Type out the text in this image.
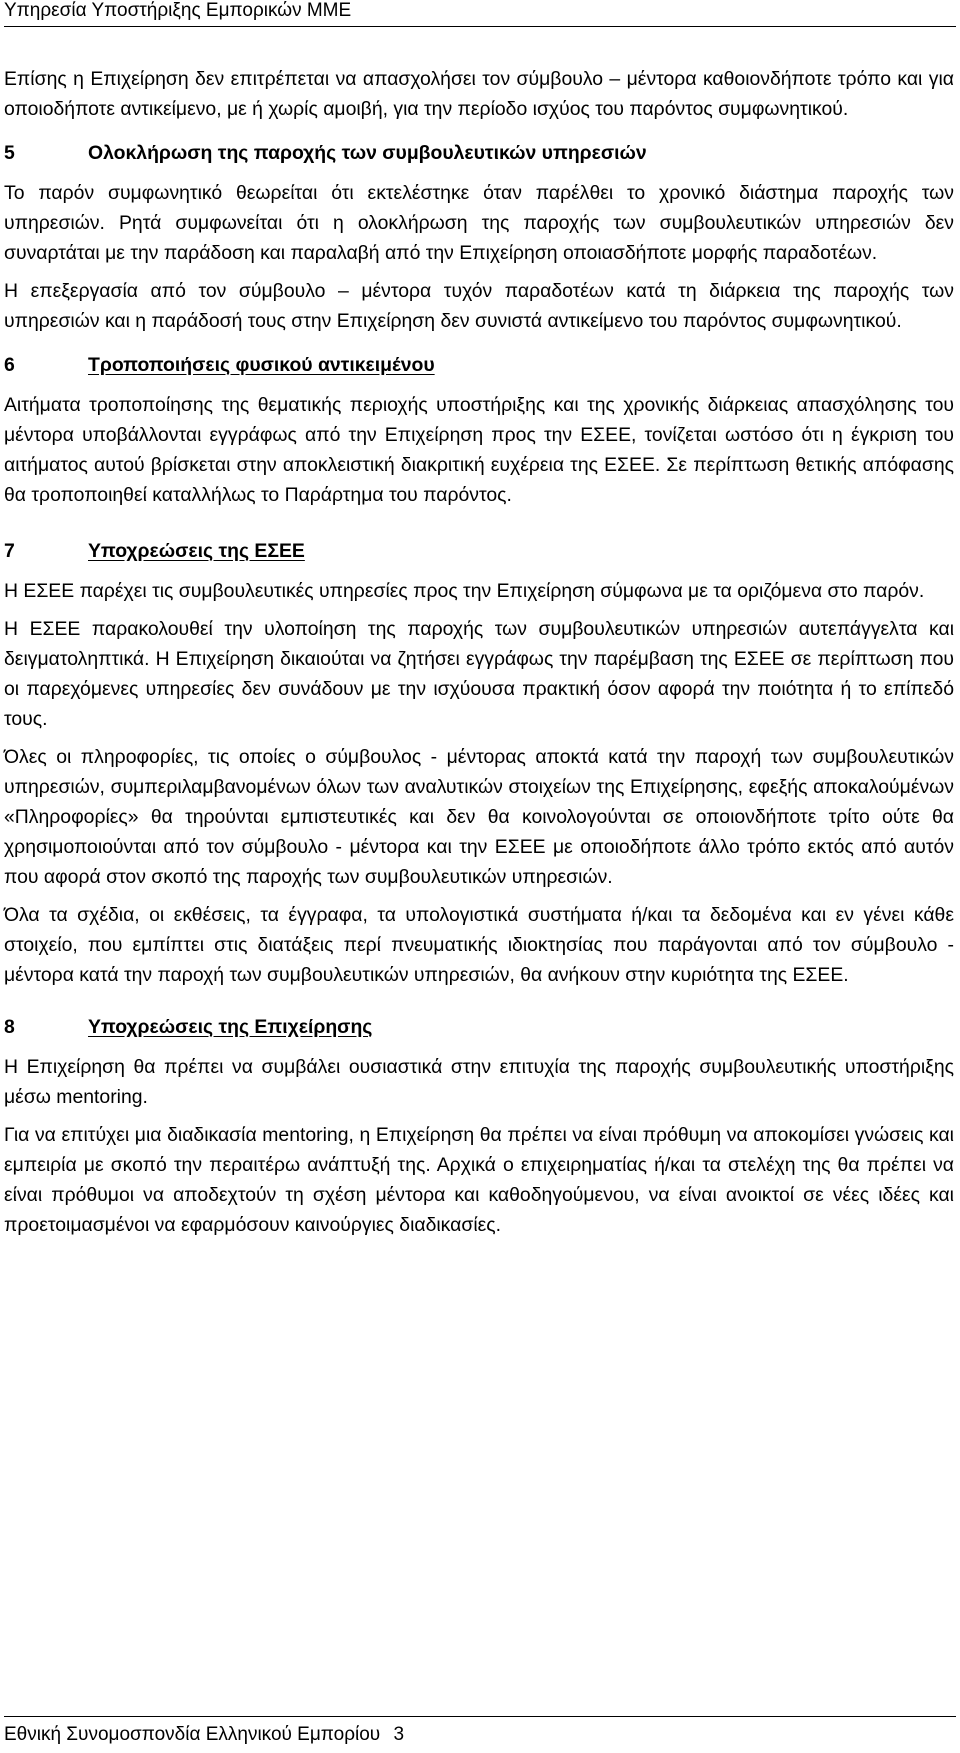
Υπηρεσία Υποστήριξης Εμπορικών ΜΜΕ

Επίσης η Επιχείρηση δεν επιτρέπεται να απασχολήσει τον σύμβουλο – μέντορα καθοιονδήποτε τρόπο και για οποιοδήποτε αντικείμενο, με ή χωρίς αμοιβή, για την περίοδο ισχύος του παρόντος συμφωνητικού.

5	Ολοκλήρωση της παροχής των συμβουλευτικών υπηρεσιών

Το παρόν συμφωνητικό θεωρείται ότι εκτελέστηκε όταν παρέλθει το χρονικό διάστημα παροχής των υπηρεσιών. Ρητά συμφωνείται ότι η ολοκλήρωση της παροχής των συμβουλευτικών υπηρεσιών δεν συναρτάται με την παράδοση και παραλαβή από την Επιχείρηση οποιασδήποτε μορφής παραδοτέων.

Η επεξεργασία από τον σύμβουλο – μέντορα τυχόν παραδοτέων κατά τη διάρκεια της παροχής των υπηρεσιών και η παράδοσή τους στην Επιχείρηση δεν συνιστά αντικείμενο του παρόντος συμφωνητικού.

6	Τροποποιήσεις φυσικού αντικειμένου

Αιτήματα τροποποίησης της θεματικής περιοχής υποστήριξης και της χρονικής διάρκειας απασχόλησης του μέντορα υποβάλλονται εγγράφως από την Επιχείρηση προς την ΕΣΕΕ, τονίζεται ωστόσο ότι η έγκριση του αιτήματος αυτού βρίσκεται στην αποκλειστική διακριτική ευχέρεια της ΕΣΕΕ. Σε περίπτωση θετικής απόφασης θα τροποποιηθεί καταλλήλως το Παράρτημα του παρόντος.

7	Υποχρεώσεις της ΕΣΕΕ

Η ΕΣΕΕ παρέχει τις συμβουλευτικές υπηρεσίες προς την Επιχείρηση σύμφωνα με τα οριζόμενα στο παρόν.

Η ΕΣΕΕ παρακολουθεί την υλοποίηση της παροχής των συμβουλευτικών υπηρεσιών αυτεπάγγελτα και δειγματοληπτικά. Η Επιχείρηση δικαιούται να ζητήσει εγγράφως την παρέμβαση της ΕΣΕΕ σε περίπτωση που οι παρεχόμενες υπηρεσίες δεν συνάδουν με την ισχύουσα πρακτική όσον αφορά την ποιότητα ή το επίπεδό τους.

Όλες οι πληροφορίες, τις οποίες ο σύμβουλος - μέντορας αποκτά κατά την παροχή των συμβουλευτικών υπηρεσιών, συμπεριλαμβανομένων όλων των αναλυτικών στοιχείων της Επιχείρησης, εφεξής αποκαλούμένων «Πληροφορίες» θα τηρούνται εμπιστευτικές και δεν θα κοινολογούνται σε οποιονδήποτε τρίτο ούτε θα χρησιμοποιούνται από τον σύμβουλο - μέντορα και την ΕΣΕΕ με οποιοδήποτε άλλο τρόπο εκτός από αυτόν που αφορά στον σκοπό της παροχής των συμβουλευτικών υπηρεσιών.

Όλα τα σχέδια, οι εκθέσεις, τα έγγραφα, τα υπολογιστικά συστήματα ή/και τα δεδομένα και εν γένει κάθε στοιχείο, που εμπίπτει στις διατάξεις περί πνευματικής ιδιοκτησίας που παράγονται από τον σύμβουλο - μέντορα κατά την παροχή των συμβουλευτικών υπηρεσιών, θα ανήκουν στην κυριότητα της ΕΣΕΕ.

8	Υποχρεώσεις της Επιχείρησης

Η Επιχείρηση θα πρέπει να συμβάλει ουσιαστικά στην επιτυχία της παροχής συμβουλευτικής υποστήριξης μέσω mentoring.

Για να επιτύχει μια διαδικασία mentoring, η Επιχείρηση θα πρέπει να είναι πρόθυμη να αποκομίσει γνώσεις και εμπειρία με σκοπό την περαιτέρω ανάπτυξή της. Αρχικά ο επιχειρηματίας ή/και τα στελέχη της θα πρέπει να είναι πρόθυμοι να αποδεχτούν τη σχέση μέντορα και καθοδηγούμενου, να είναι ανοικτοί σε νέες ιδέες και προετοιμασμένοι να εφαρμόσουν καινούργιες διαδικασίες.

Εθνική Συνομοσπονδία Ελληνικού Εμπορίου 3
